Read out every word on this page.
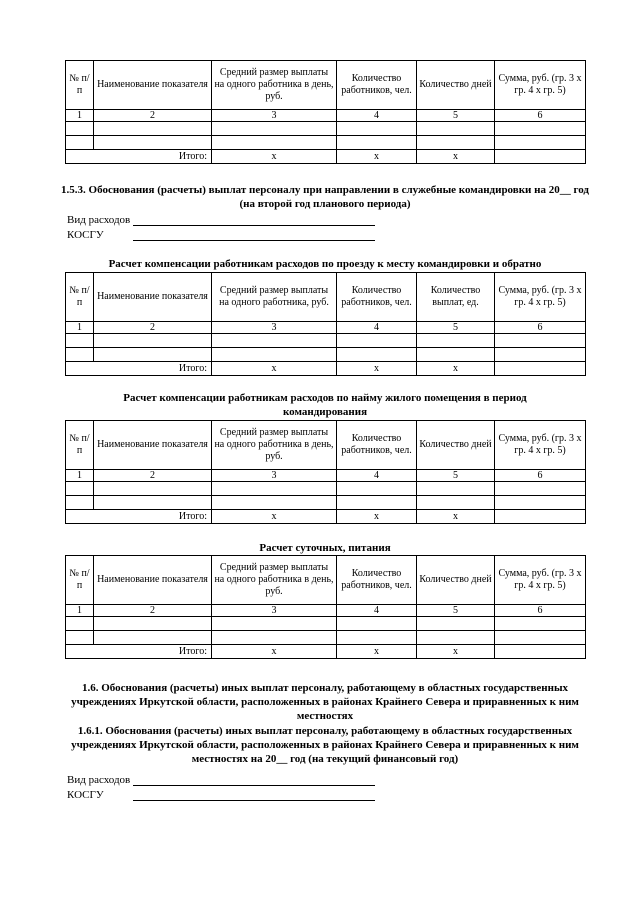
№ п/п	Наименование показателя	Средний размер выплаты на одного работника в день, руб.	Количество работников, чел.	Количество дней	Сумма, руб. (гр. 3 х гр. 4 х гр. 5)
1	2	3	4	5	6

Итого:		х	х	х	
1.5.3. Обоснования (расчеты) выплат персоналу при направлении в служебные командировки на 20__ год (на второй год планового периода)
Вид расходов
КОСГУ
Расчет компенсации работникам расходов по проезду к месту командировки и обратно
№ п/п	Наименование показателя	Средний размер выплаты на одного работника, руб.	Количество работников, чел.	Количество выплат, ед.	Сумма, руб. (гр. 3 х гр. 4 х гр. 5)
1	2	3	4	5	6

Итого:		х	х	х	
Расчет компенсации работникам расходов по найму жилого помещения в период командирования
№ п/п	Наименование показателя	Средний размер выплаты на одного работника в день, руб.	Количество работников, чел.	Количество дней	Сумма, руб. (гр. 3 х гр. 4 х гр. 5)
1	2	3	4	5	6

Итого:		х	х	х	
Расчет суточных, питания
№ п/п	Наименование показателя	Средний размер выплаты на одного работника в день, руб.	Количество работников, чел.	Количество дней	Сумма, руб. (гр. 3 х гр. 4 х гр. 5)
1	2	3	4	5	6

Итого:		х	х	х	
1.6. Обоснования (расчеты) иных выплат персоналу, работающему в областных государственных учреждениях Иркутской области, расположенных в районах Крайнего Севера и приравненных к ним местностях
1.6.1. Обоснования (расчеты) иных выплат персоналу, работающему в областных государственных учреждениях Иркутской области, расположенных в районах Крайнего Севера и приравненных к ним местностях на 20__ год (на текущий финансовый год)
Вид расходов
КОСГУ
